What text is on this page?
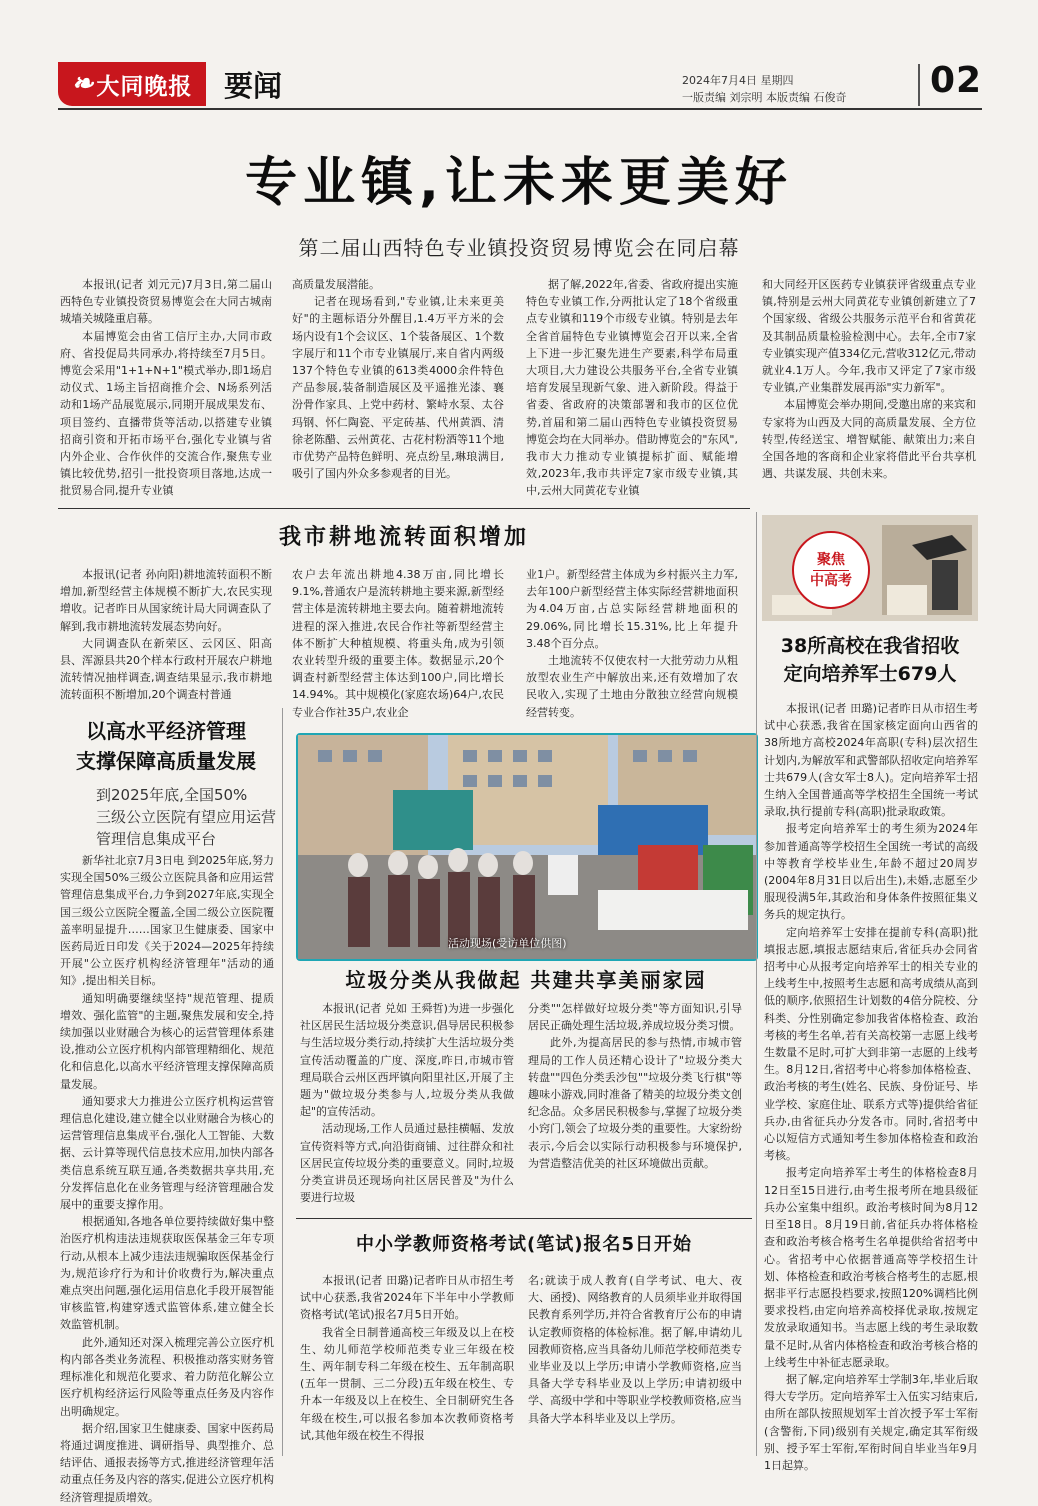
❧ 大同晚报 要闻	2024年7月4日 星期四
一版责编 刘宗明 本版责编 石俊奇 02
专业镇,让未来更美好
第二届山西特色专业镇投资贸易博览会在同启幕

本报讯(记者 刘元元)7月3日,第二届山西特色专业镇投资贸易博览会在大同古城南城墙关城隆重启幕。

本届博览会由省工信厅主办,大同市政府、省投促局共同承办,将持续至7月5日。博览会采用"1+1+N+1"模式举办,即1场启动仪式、1场主旨招商推介会、N场系列活动和1场产品展览展示,同期开展成果发布、项目签约、直播带货等活动,以搭建专业镇招商引资和开拓市场平台,强化专业镇与省内外企业、合作伙伴的交流合作,聚焦专业镇比较优势,招引一批投资项目落地,达成一批贸易合同,提升专业镇

高质量发展潜能。

记者在现场看到,"专业镇,让未来更美好"的主题标语分外醒目,1.4万平方米的会场内设有1个会议区、1个装备展区、1个数字展厅和11个市专业镇展厅,来自省内两级137个特色专业镇的613类4000余件特色产品参展,装备制造展区及平遥推光漆、襄汾骨作家具、上党中药材、繁峙水泵、太谷玛钢、怀仁陶瓷、平定砖基、代州黄酒、清徐老陈醋、云州黄花、古花村粉酒等11个地市优势产品特色鲜明、亮点纷呈,琳琅满目,吸引了国内外众多参观者的目光。

据了解,2022年,省委、省政府提出实施特色专业镇工作,分两批认定了18个省级重点专业镇和119个市级专业镇。特别是去年全省首届特色专业镇博览会召开以来,全省上下进一步汇聚先进生产要素,科学布局重大项目,大力建设公共服务平台,全省专业镇培育发展呈现新气象、进入新阶段。得益于省委、省政府的决策部署和我市的区位优势,首届和第二届山西特色专业镇投资贸易博览会均在大同举办。借助博览会的"东风",我市大力推动专业镇提标扩面、赋能增效,2023年,我市共评定7家市级专业镇,其中,云州大同黄花专业镇

和大同经开区医药专业镇获评省级重点专业镇,特别是云州大同黄花专业镇创新建立了7个国家级、省级公共服务示范平台和省黄花及其制品质量检验检测中心。去年,全市7家专业镇实现产值334亿元,营收312亿元,带动就业4.1万人。今年,我市又评定了7家市级专业镇,产业集群发展再添"实力新军"。

本届博览会举办期间,受邀出席的来宾和专家将为山西及大同的高质量发展、全方位转型,传经送宝、增智赋能、献策出力;来自全国各地的客商和企业家将借此平台共享机遇、共谋发展、共创未来。

我市耕地流转面积增加

本报讯(记者 孙向阳)耕地流转面积不断增加,新型经营主体规模不断扩大,农民实现增收。记者昨日从国家统计局大同调查队了解到,我市耕地流转发展态势向好。

大同调查队在新荣区、云冈区、阳高县、浑源县共20个样本行政村开展农户耕地流转情况抽样调查,调查结果显示,我市耕地流转面积不断增加,20个调查村普通

农户去年流出耕地4.38万亩,同比增长9.1%,普通农户是流转耕地主要来源,新型经营主体是流转耕地主要去向。随着耕地流转进程的深入推进,农民合作社等新型经营主体不断扩大种植规模、将重头角,成为引领农业转型升级的重要主体。数据显示,20个调查村新型经营主体达到100户,同比增长14.94%。其中规模化(家庭农场)64户,农民专业合作社35户,农业企

业1户。新型经营主体成为乡村振兴主力军,去年100户新型经营主体实际经营耕地面积为4.04万亩,占总实际经营耕地面积的29.06%,同比增长15.31%,比上年提升3.48个百分点。

土地流转不仅使农村一大批劳动力从粗放型农业生产中解放出来,还有效增加了农民收入,实现了土地由分散独立经营向规模经营转变。

以高水平经济管理
支撑保障高质量发展
到2025年底,全国50%
三级公立医院有望应用运营
管理信息集成平台

新华社北京7月3日电 到2025年底,努力实现全国50%三级公立医院具备和应用运营管理信息集成平台,力争到2027年底,实现全国三级公立医院全覆盖,全国二级公立医院覆盖率明显提升……国家卫生健康委、国家中医药局近日印发《关于2024—2025年持续开展"公立医疗机构经济管理年"活动的通知》,提出相关目标。

通知明确要继续坚持"规范管理、提质增效、强化监管"的主题,聚焦发展和安全,持续加强以业财融合为核心的运营管理体系建设,推动公立医疗机构内部管理精细化、规范化和信息化,以高水平经济管理支撑保障高质量发展。

通知要求大力推进公立医疗机构运营管理信息化建设,建立健全以业财融合为核心的运营管理信息集成平台,强化人工智能、大数据、云计算等现代信息技术应用,加快内部各类信息系统互联互通,各类数据共享共用,充分发挥信息化在业务管理与经济管理融合发展中的重要支撑作用。

根据通知,各地各单位要持续做好集中整治医疗机构违法违规获取医保基金三年专项行动,从根本上减少违法违规骗取医保基金行为,规范诊疗行为和计价收费行为,解决重点难点突出问题,强化运用信息化手段开展智能审核监管,构建穿透式监管体系,建立健全长效监管机制。

此外,通知还对深入梳理完善公立医疗机构内部各类业务流程、积极推动落实财务管理标准化和规范化要求、着力防范化解公立医疗机构经济运行风险等重点任务及内容作出明确规定。

据介绍,国家卫生健康委、国家中医药局将通过调度推进、调研指导、典型推介、总结评估、通报表扬等方式,推进经济管理年活动重点任务及内容的落实,促进公立医疗机构经济管理提质增效。

活动现场(受访单位供图)
垃圾分类从我做起 共建共享美丽家园

本报讯(记者 兑如 王舜哲)为进一步强化社区居民生活垃圾分类意识,倡导居民积极参与生活垃圾分类行动,持续扩大生活垃圾分类宣传活动覆盖的广度、深度,昨日,市城市管理局联合云州区西坪镇向阳里社区,开展了主题为"做垃圾分类参与人,垃圾分类从我做起"的宣传活动。

活动现场,工作人员通过悬挂横幅、发放宣传资料等方式,向沿街商铺、过往群众和社区居民宣传垃圾分类的重要意义。同时,垃圾分类宣讲员还现场向社区居民普及"为什么要进行垃圾

分类""怎样做好垃圾分类"等方面知识,引导居民正确处理生活垃圾,养成垃圾分类习惯。

此外,为提高居民的参与热情,市城市管理局的工作人员还精心设计了"垃圾分类大转盘""四色分类丢沙包""垃圾分类飞行棋"等趣味小游戏,同时准备了精美的垃圾分类文创纪念品。众多居民积极参与,掌握了垃圾分类小窍门,领会了垃圾分类的重要性。大家纷纷表示,今后会以实际行动积极参与环境保护,为营造整洁优美的社区环境做出贡献。

中小学教师资格考试(笔试)报名5日开始

本报讯(记者 田璐)记者昨日从市招生考试中心获悉,我省2024年下半年中小学教师资格考试(笔试)报名7月5日开始。

我省全日制普通高校三年级及以上在校生、幼儿师范学校师范类专业三年级在校生、两年制专科二年级在校生、五年制高职(五年一贯制、三二分段)五年级在校生、专升本一年级及以上在校生、全日制研究生各年级在校生,可以报名参加本次教师资格考试,其他年级在校生不得报

名;就读于成人教育(自学考试、电大、夜大、函授)、网络教育的人员须毕业并取得国民教育系列学历,并符合省教育厅公布的申请认定教师资格的体检标准。据了解,申请幼儿园教师资格,应当具备幼儿师范学校师范类专业毕业及以上学历;申请小学教师资格,应当具备大学专科毕业及以上学历;申请初级中学、高级中学和中等职业学校教师资格,应当具备大学本科毕业及以上学历。

聚焦
中高考
38所高校在我省招收
定向培养军士679人

本报讯(记者 田璐)记者昨日从市招生考试中心获悉,我省在国家核定面向山西省的38所地方高校2024年高职(专科)层次招生计划内,为解放军和武警部队招收定向培养军士共679人(含女军士8人)。定向培养军士招生纳入全国普通高等学校招生全国统一考试录取,执行提前专科(高职)批录取政策。

报考定向培养军士的考生须为2024年参加普通高等学校招生全国统一考试的高级中等教育学校毕业生,年龄不超过20周岁(2004年8月31日以后出生),未婚,志愿至少服现役满5年,其政治和身体条件按照征集义务兵的规定执行。

定向培养军士安排在提前专科(高职)批填报志愿,填报志愿结束后,省征兵办会同省招考中心从报考定向培养军士的相关专业的上线考生中,按照考生志愿和高考成绩从高到低的顺序,依照招生计划数的4倍分院校、分科类、分性别确定参加我省体格检查、政治考核的考生名单,若有关高校第一志愿上线考生数量不足时,可扩大到非第一志愿的上线考生。8月12日,省招考中心将参加体格检查、政治考核的考生(姓名、民族、身份证号、毕业学校、家庭住址、联系方式等)提供给省征兵办,由省征兵办分发各市。同时,省招考中心以短信方式通知考生参加体格检查和政治考核。

报考定向培养军士考生的体格检查8月12日至15日进行,由考生报考所在地县级征兵办公室集中组织。政治考核时间为8月12日至18日。8月19日前,省征兵办将体格检查和政治考核合格考生名单提供给省招考中心。省招考中心依据普通高等学校招生计划、体格检查和政治考核合格考生的志愿,根据非平行志愿投档要求,按照120%调档比例要求投档,由定向培养高校择优录取,按规定发放录取通知书。当志愿上线的考生录取数量不足时,从省内体格检查和政治考核合格的上线考生中补征志愿录取。

据了解,定向培养军士学制3年,毕业后取得大专学历。定向培养军士入伍实习结束后,由所在部队按照规划军士首次授予军士军衔(含警衔,下同)级别有关规定,确定其军衔级别、授予军士军衔,军衔时间自毕业当年9月1日起算。
